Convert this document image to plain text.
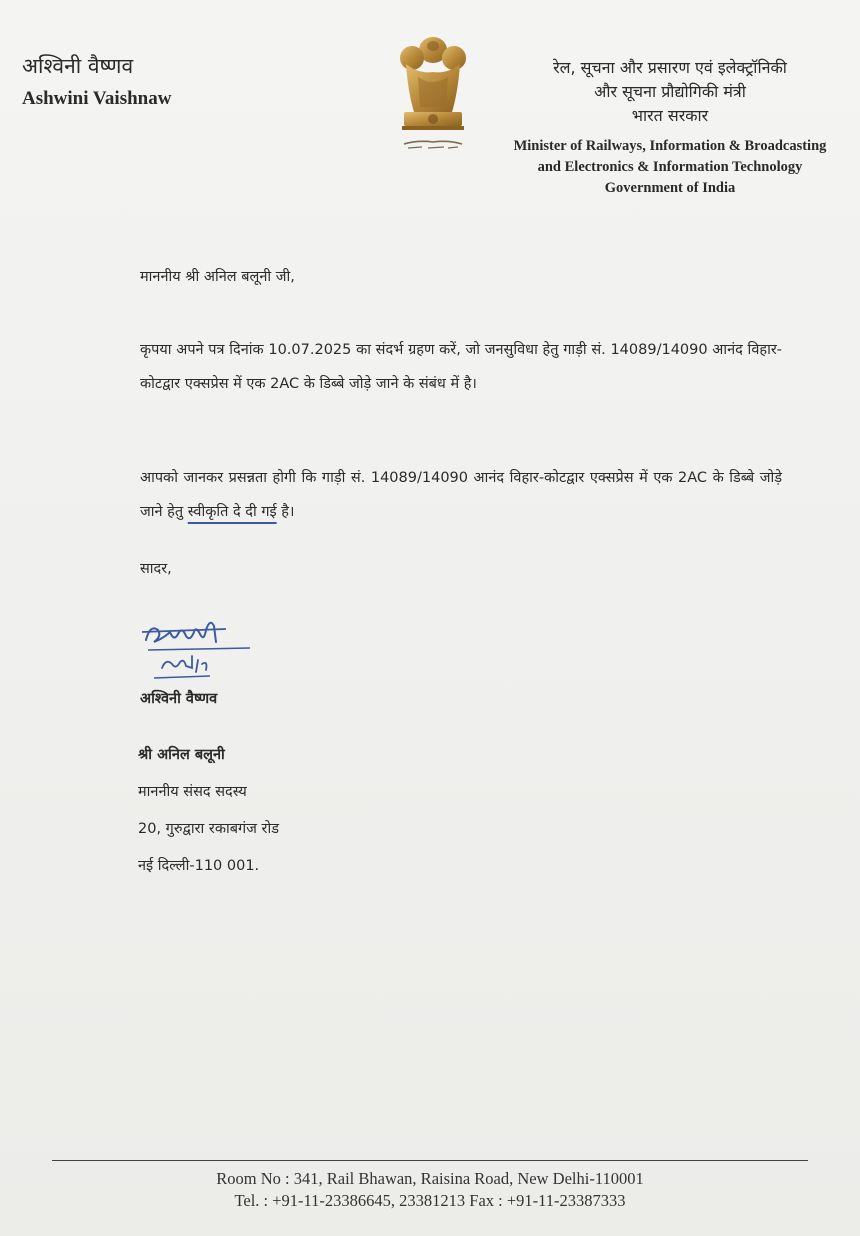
अश्विनी वैष्णव
Ashwini Vaishnaw
रेल, सूचना और प्रसारण एवं इलेक्ट्रॉनिकी
और सूचना प्रौद्योगिकी मंत्री
भारत सरकार
Minister of Railways, Information & Broadcasting
and Electronics & Information Technology
Government of India
माननीय श्री अनिल बलूनी जी,
कृपया अपने पत्र दिनांक 10.07.2025 का संदर्भ ग्रहण करें, जो जनसुविधा हेतु गाड़ी सं. 14089/14090 आनंद विहार-कोटद्वार एक्सप्रेस में एक 2AC के डिब्बे जोड़े जाने के संबंध में है।
आपको जानकर प्रसन्नता होगी कि गाड़ी सं. 14089/14090 आनंद विहार-कोटद्वार एक्सप्रेस में एक 2AC के डिब्बे जोड़े जाने हेतु स्वीकृति दे दी गई है।
सादर,
अश्विनी वैष्णव
श्री अनिल बलूनी
माननीय संसद सदस्य
20, गुरुद्वारा रकाबगंज रोड
नई दिल्ली-110 001.
Room No : 341, Rail Bhawan, Raisina Road, New Delhi-110001
Tel. : +91-11-23386645, 23381213 Fax : +91-11-23387333
